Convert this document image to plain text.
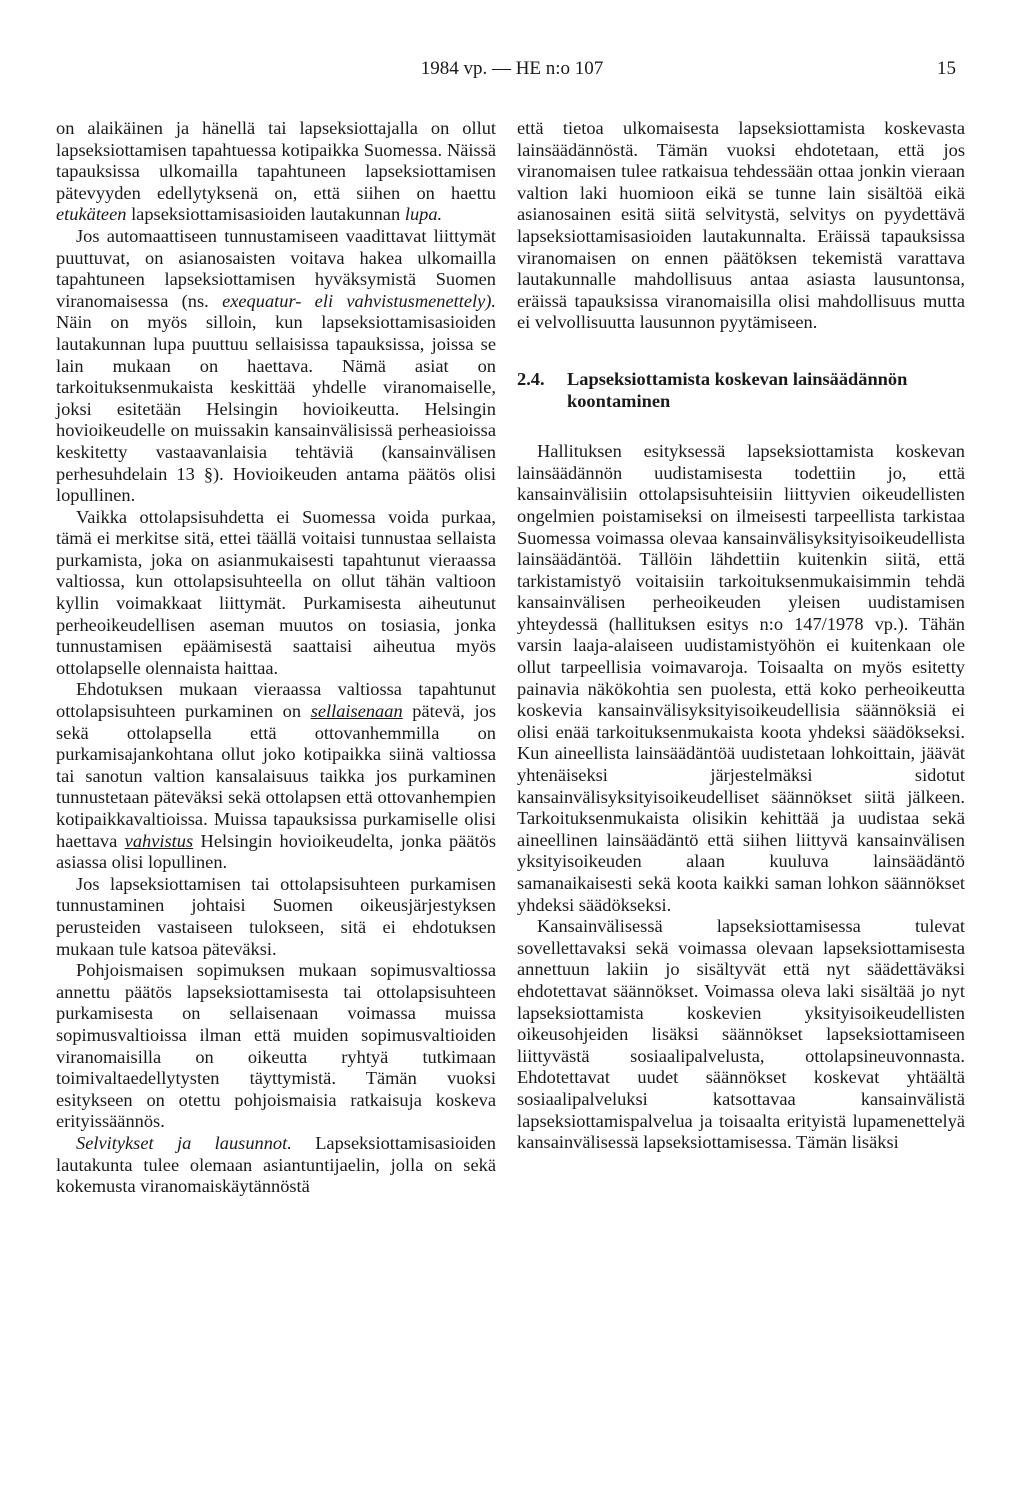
1984 vp. — HE n:o 107	15

on alaikäinen ja hänellä tai lapseksiottajalla on ollut lapseksiottamisen tapahtuessa kotipaikka Suomessa. Näissä tapauksissa ulkomailla tapahtuneen lapseksiottamisen pätevyyden edellytyksenä on, että siihen on haettu etukäteen lapseksiottamisasioiden lautakunnan lupa.

Jos automaattiseen tunnustamiseen vaadittavat liittymät puuttuvat, on asianosaisten voitava hakea ulkomailla tapahtuneen lapseksiottamisen hyväksymistä Suomen viranomaisessa (ns. exequatur- eli vahvistusmenettely). Näin on myös silloin, kun lapseksiottamisasioiden lautakunnan lupa puuttuu sellaisissa tapauksissa, joissa se lain mukaan on haettava. Nämä asiat on tarkoituksenmukaista keskittää yhdelle viranomaiselle, joksi esitetään Helsingin hovioikeutta. Helsingin hovioikeudelle on muissakin kansainvälisissä perheasioissa keskitetty vastaavanlaisia tehtäviä (kansainvälisen perhesuhdelain 13 §). Hovioikeuden antama päätös olisi lopullinen.

Vaikka ottolapsisuhdetta ei Suomessa voida purkaa, tämä ei merkitse sitä, ettei täällä voitaisi tunnustaa sellaista purkamista, joka on asianmukaisesti tapahtunut vieraassa valtiossa, kun ottolapsisuhteella on ollut tähän valtioon kyllin voimakkaat liittymät. Purkamisesta aiheutunut perheoikeudellisen aseman muutos on tosiasia, jonka tunnustamisen epäämisestä saattaisi aiheutua myös ottolapselle olennaista haittaa.

Ehdotuksen mukaan vieraassa valtiossa tapahtunut ottolapsisuhteen purkaminen on sellaisenaan pätevä, jos sekä ottolapsella että ottovanhemmilla on purkamisajankohtana ollut joko kotipaikka siinä valtiossa tai sanotun valtion kansalaisuus taikka jos purkaminen tunnustetaan päteväksi sekä ottolapsen että ottovanhempien kotipaikkavaltioissa. Muissa tapauksissa purkamiselle olisi haettava vahvistus Helsingin hovioikeudelta, jonka päätös asiassa olisi lopullinen.

Jos lapseksiottamisen tai ottolapsisuhteen purkamisen tunnustaminen johtaisi Suomen oikeusjärjestyksen perusteiden vastaiseen tulokseen, sitä ei ehdotuksen mukaan tule katsoa päteväksi.

Pohjoismaisen sopimuksen mukaan sopimusvaltiossa annettu päätös lapseksiottamisesta tai ottolapsisuhteen purkamisesta on sellaisenaan voimassa muissa sopimusvaltioissa ilman että muiden sopimusvaltioiden viranomaisilla on oikeutta ryhtyä tutkimaan toimivaltaedellytysten täyttymistä. Tämän vuoksi esitykseen on otettu pohjoismaisia ratkaisuja koskeva erityissäännös.

Selvitykset ja lausunnot. Lapseksiottamisasioiden lautakunta tulee olemaan asiantuntijaelin, jolla on sekä kokemusta viranomaiskäytännöstä

että tietoa ulkomaisesta lapseksiottamista koskevasta lainsäädännöstä. Tämän vuoksi ehdotetaan, että jos viranomaisen tulee ratkaisua tehdessään ottaa jonkin vieraan valtion laki huomioon eikä se tunne lain sisältöä eikä asianosainen esitä siitä selvitystä, selvitys on pyydettävä lapseksiottamisasioiden lautakunnalta. Eräissä tapauksissa viranomaisen on ennen päätöksen tekemistä varattava lautakunnalle mahdollisuus antaa asiasta lausuntonsa, eräissä tapauksissa viranomaisilla olisi mahdollisuus mutta ei velvollisuutta lausunnon pyytämiseen.

2.4.	Lapseksiottamista koskevan lainsäädännön koontaminen

Hallituksen esityksessä lapseksiottamista koskevan lainsäädännön uudistamisesta todettiin jo, että kansainvälisiin ottolapsisuhteisiin liittyvien oikeudellisten ongelmien poistamiseksi on ilmeisesti tarpeellista tarkistaa Suomessa voimassa olevaa kansainvälisyksityisoikeudellista lainsäädäntöä. Tällöin lähdettiin kuitenkin siitä, että tarkistamistyö voitaisiin tarkoituksenmukaisimmin tehdä kansainvälisen perheoikeuden yleisen uudistamisen yhteydessä (hallituksen esitys n:o 147/1978 vp.). Tähän varsin laaja-alaiseen uudistamistyöhön ei kuitenkaan ole ollut tarpeellisia voimavaroja. Toisaalta on myös esitetty painavia näkökohtia sen puolesta, että koko perheoikeutta koskevia kansainvälisyksityisoikeudellisia säännöksiä ei olisi enää tarkoituksenmukaista koota yhdeksi säädökseksi. Kun aineellista lainsäädäntöä uudistetaan lohkoittain, jäävät yhtenäiseksi järjestelmäksi sidotut kansainvälisyksityisoikeudelliset säännökset siitä jälkeen. Tarkoituksenmukaista olisikin kehittää ja uudistaa sekä aineellinen lainsäädäntö että siihen liittyvä kansainvälisen yksityisoikeuden alaan kuuluva lainsäädäntö samanaikaisesti sekä koota kaikki saman lohkon säännökset yhdeksi säädökseksi.

Kansainvälisessä lapseksiottamisessa tulevat sovellettavaksi sekä voimassa olevaan lapseksiottamisesta annettuun lakiin jo sisältyvät että nyt säädettäväksi ehdotettavat säännökset. Voimassa oleva laki sisältää jo nyt lapseksiottamista koskevien yksityisoikeudellisten oikeusohjeiden lisäksi säännökset lapseksiottamiseen liittyvästä sosiaalipalvelusta, ottolapsineuvonnasta. Ehdotettavat uudet säännökset koskevat yhtäältä sosiaalipalveluksi katsottavaa kansainvälistä lapseksiottamispalvelua ja toisaalta erityistä lupamenettelyä kansainvälisessä lapseksiottamisessa. Tämän lisäksi
